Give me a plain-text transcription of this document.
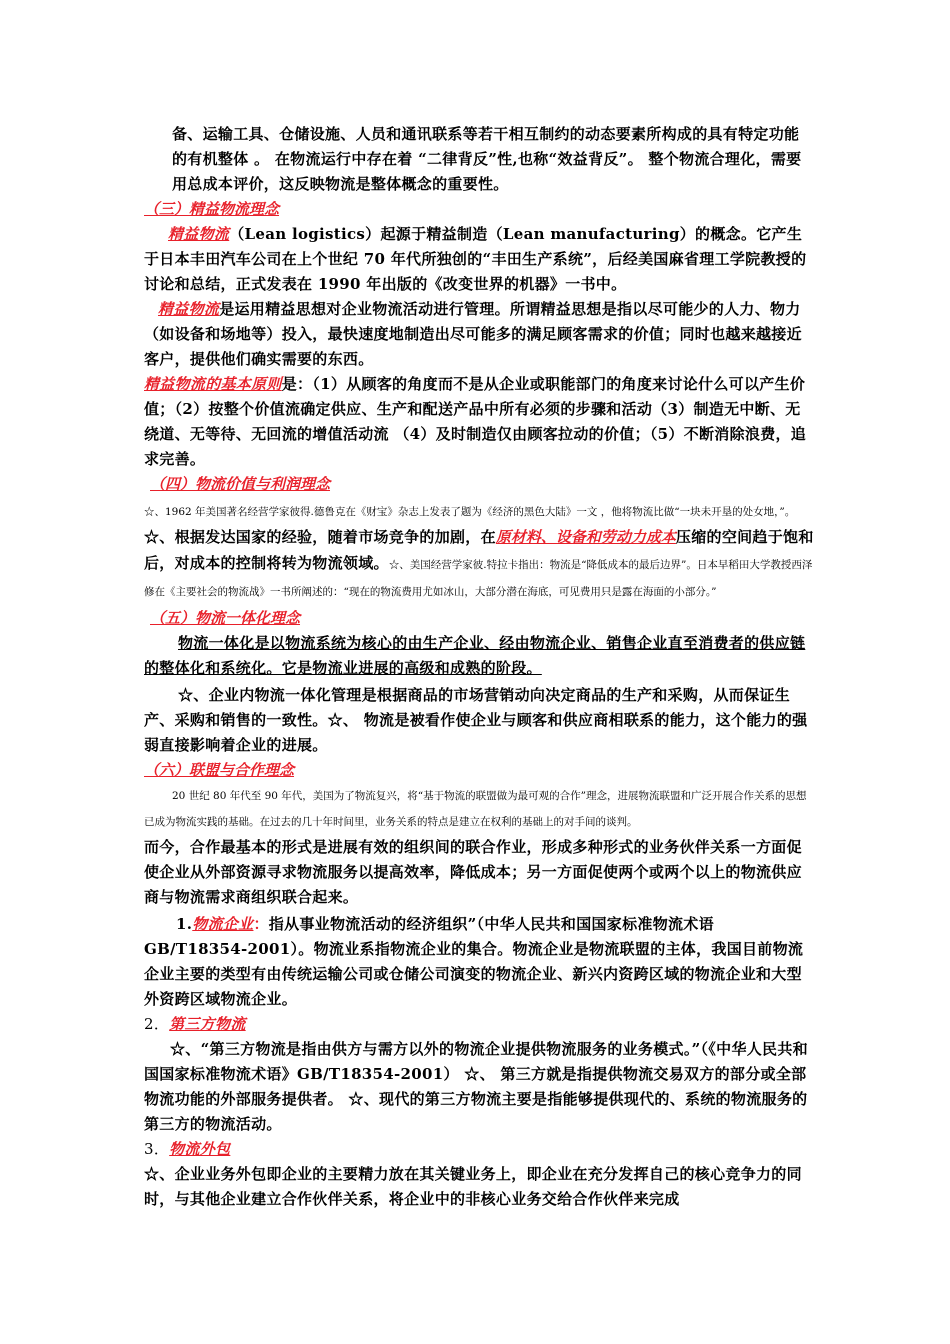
备、运输工具、仓储设施、人员和通讯联系等若干相互制约的动态要素所构成的具有特定功能的有机整体 。 在物流运行中存在着 “二律背反”性,也称“效益背反”。 整个物流合理化，需要用总成本评价，这反映物流是整体概念的重要性。

（三）精益物流理念

精益物流（Lean logistics）起源于精益制造（Lean manufacturing）的概念。它产生于日本丰田汽车公司在上个世纪 70 年代所独创的“丰田生产系统”，后经美国麻省理工学院教授的讨论和总结，正式发表在 1990 年出版的《改变世界的机器》一书中。

精益物流是运用精益思想对企业物流活动进行管理。所谓精益思想是指以尽可能少的人力、物力（如设备和场地等）投入，最快速度地制造出尽可能多的满足顾客需求的价值；同时也越来越接近客户，提供他们确实需要的东西。

精益物流的基本原则是：（1）从顾客的角度而不是从企业或职能部门的角度来讨论什么可以产生价值；（2）按整个价值流确定供应、生产和配送产品中所有必须的步骤和活动（3）制造无中断、无绕道、无等待、无回流的增值活动流 （4）及时制造仅由顾客拉动的价值；（5）不断消除浪费，追求完善。

（四）物流价值与利润理念

☆、1962 年美国著名经营学家彼得.德鲁克在《财宝》杂志上发表了题为《经济的黑色大陆》一文 ，他将物流比做“一块未开垦的处女地，”。☆、根据发达国家的经验，随着市场竞争的加剧，在原材料、设备和劳动力成本压缩的空间趋于饱和后，对成本的控制将转为物流领域。☆、美国经营学家彼.特拉卡指出：物流是“降低成本的最后边界”。日本早稻田大学教授西泽修在《主要社会的物流战》一书所阐述的：“现在的物流费用尤如冰山，大部分潜在海底，可见费用只是露在海面的小部分。”

（五）物流一体化理念

物流一体化是以物流系统为核心的由生产企业、经由物流企业、销售企业直至消费者的供应链的整体化和系统化。它是物流业进展的高级和成熟的阶段。

☆、企业内物流一体化管理是根据商品的市场营销动向决定商品的生产和采购，从而保证生产、采购和销售的一致性。☆、 物流是被看作使企业与顾客和供应商相联系的能力，这个能力的强弱直接影响着企业的进展。

（六）联盟与合作理念

20 世纪 80 年代至 90 年代，美国为了物流复兴，将“基于物流的联盟做为最可观的合作”理念，进展物流联盟和广泛开展合作关系的思想已成为物流实践的基础。在过去的几十年时间里，业务关系的特点是建立在权利的基础上的对手间的谈判。

而今，合作最基本的形式是进展有效的组织间的联合作业，形成多种形式的业务伙伴关系一方面促使企业从外部资源寻求物流服务以提高效率，降低成本；另一方面促使两个或两个以上的物流供应商与物流需求商组织联合起来。

1.物流企业：指从事业物流活动的经济组织”（中华人民共和国国家标准物流术语 GB/T18354-2001）。物流业系指物流企业的集合。物流企业是物流联盟的主体，我国目前物流企业主要的类型有由传统运输公司或仓储公司演变的物流企业、新兴内资跨区域的物流企业和大型外资跨区域物流企业。

2．第三方物流

☆、“第三方物流是指由供方与需方以外的物流企业提供物流服务的业务模式。”（《中华人民共和国国家标准物流术语》GB/T18354-2001） ☆、 第三方就是指提供物流交易双方的部分或全部物流功能的外部服务提供者。 ☆、现代的第三方物流主要是指能够提供现代的、系统的物流服务的第三方的物流活动。

3．物流外包

☆、企业业务外包即企业的主要精力放在其关键业务上，即企业在充分发挥自己的核心竞争力的同时，与其他企业建立合作伙伴关系，将企业中的非核心业务交给合作伙伴来完成
